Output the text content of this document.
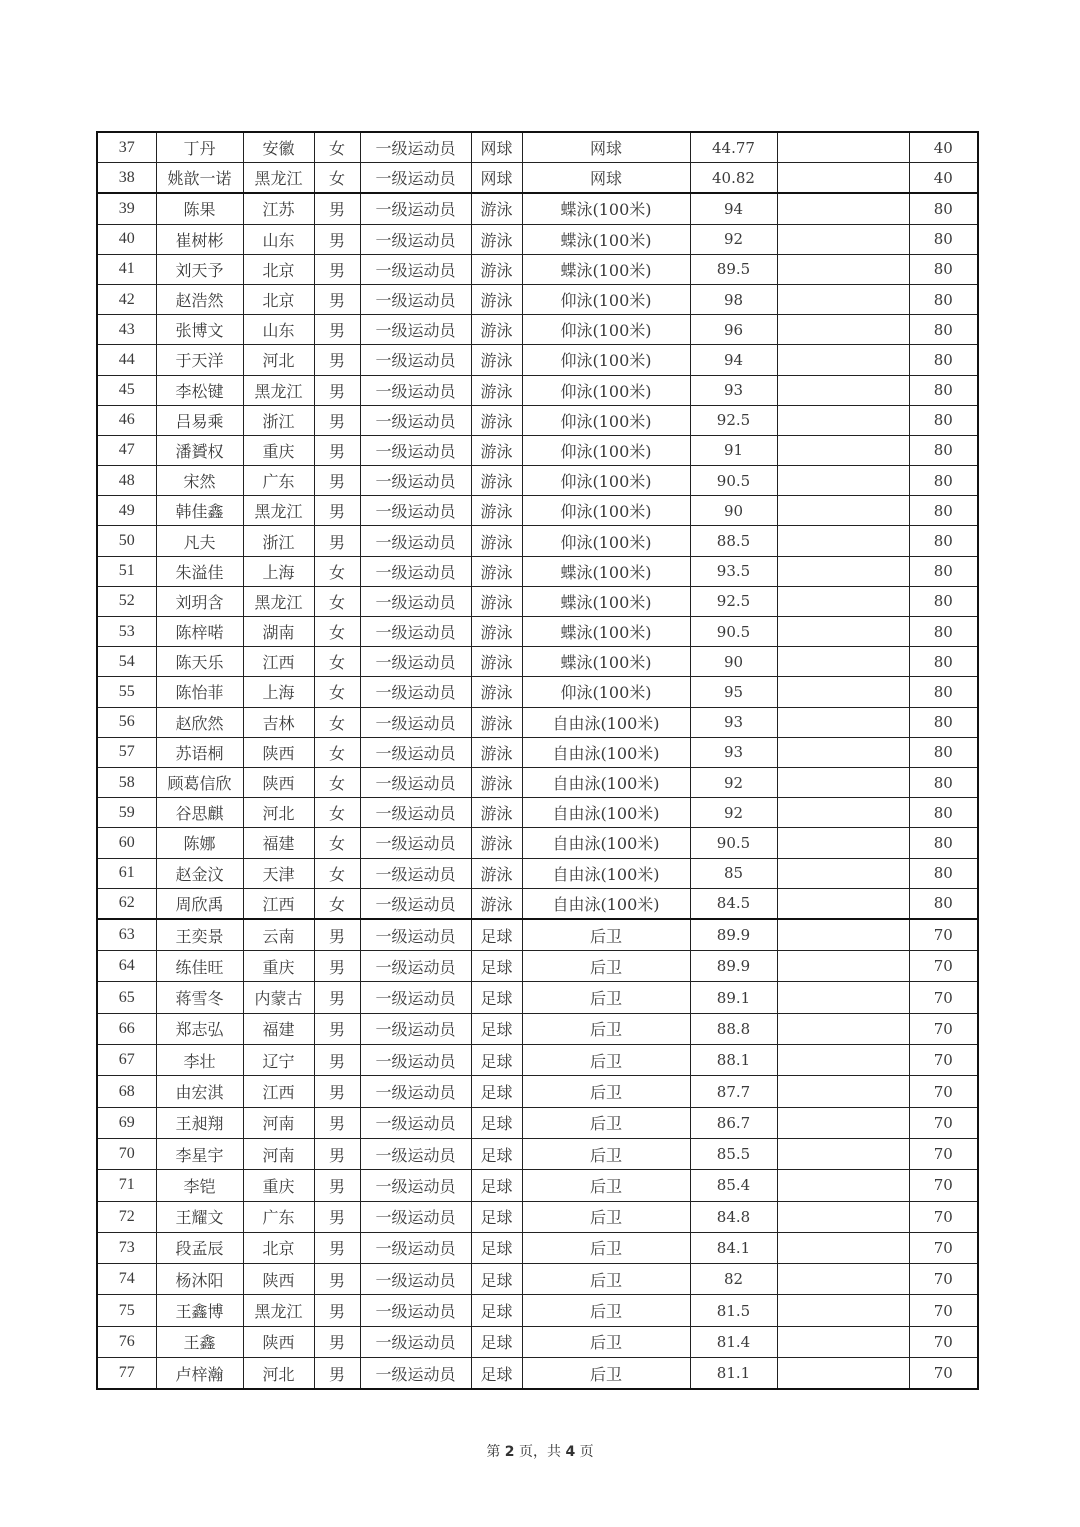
37	丁丹	安徽	女	一级运动员	网球	网球	44.77		40
38	姚歆一诺	黑龙江	女	一级运动员	网球	网球	40.82		40
39	陈果	江苏	男	一级运动员	游泳	蝶泳(100米)	94		80
40	崔树彬	山东	男	一级运动员	游泳	蝶泳(100米)	92		80
41	刘天予	北京	男	一级运动员	游泳	蝶泳(100米)	89.5		80
42	赵浩然	北京	男	一级运动员	游泳	仰泳(100米)	98		80
43	张博文	山东	男	一级运动员	游泳	仰泳(100米)	96		80
44	于天洋	河北	男	一级运动员	游泳	仰泳(100米)	94		80
45	李松键	黑龙江	男	一级运动员	游泳	仰泳(100米)	93		80
46	吕易乘	浙江	男	一级运动员	游泳	仰泳(100米)	92.5		80
47	潘贇权	重庆	男	一级运动员	游泳	仰泳(100米)	91		80
48	宋然	广东	男	一级运动员	游泳	仰泳(100米)	90.5		80
49	韩佳鑫	黑龙江	男	一级运动员	游泳	仰泳(100米)	90		80
50	凡夫	浙江	男	一级运动员	游泳	仰泳(100米)	88.5		80
51	朱溢佳	上海	女	一级运动员	游泳	蝶泳(100米)	93.5		80
52	刘玥含	黑龙江	女	一级运动员	游泳	蝶泳(100米)	92.5		80
53	陈梓喏	湖南	女	一级运动员	游泳	蝶泳(100米)	90.5		80
54	陈天乐	江西	女	一级运动员	游泳	蝶泳(100米)	90		80
55	陈怡菲	上海	女	一级运动员	游泳	仰泳(100米)	95		80
56	赵欣然	吉林	女	一级运动员	游泳	自由泳(100米)	93		80
57	苏语桐	陕西	女	一级运动员	游泳	自由泳(100米)	93		80
58	顾葛信欣	陕西	女	一级运动员	游泳	自由泳(100米)	92		80
59	谷思麒	河北	女	一级运动员	游泳	自由泳(100米)	92		80
60	陈娜	福建	女	一级运动员	游泳	自由泳(100米)	90.5		80
61	赵金汶	天津	女	一级运动员	游泳	自由泳(100米)	85		80
62	周欣禹	江西	女	一级运动员	游泳	自由泳(100米)	84.5		80
63	王奕景	云南	男	一级运动员	足球	后卫	89.9		70
64	练佳旺	重庆	男	一级运动员	足球	后卫	89.9		70
65	蒋雪冬	内蒙古	男	一级运动员	足球	后卫	89.1		70
66	郑志弘	福建	男	一级运动员	足球	后卫	88.8		70
67	李壮	辽宁	男	一级运动员	足球	后卫	88.1		70
68	由宏淇	江西	男	一级运动员	足球	后卫	87.7		70
69	王昶翔	河南	男	一级运动员	足球	后卫	86.7		70
70	李星宇	河南	男	一级运动员	足球	后卫	85.5		70
71	李铠	重庆	男	一级运动员	足球	后卫	85.4		70
72	王耀文	广东	男	一级运动员	足球	后卫	84.8		70
73	段孟辰	北京	男	一级运动员	足球	后卫	84.1		70
74	杨沐阳	陕西	男	一级运动员	足球	后卫	82		70
75	王鑫博	黑龙江	男	一级运动员	足球	后卫	81.5		70
76	王鑫	陕西	男	一级运动员	足球	后卫	81.4		70
77	卢梓瀚	河北	男	一级运动员	足球	后卫	81.1		70
第 2 页，共 4 页
